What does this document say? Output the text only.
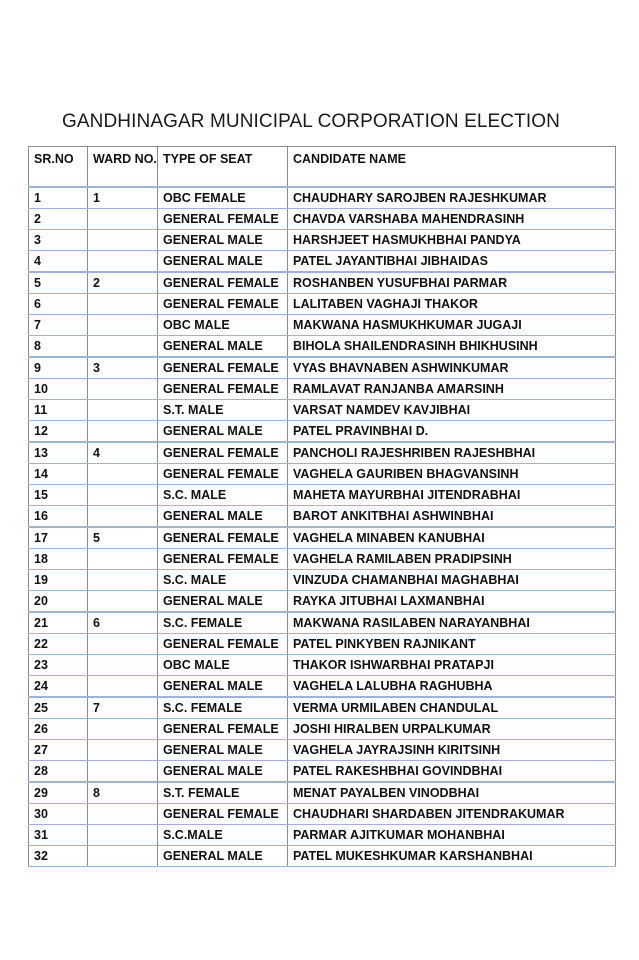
GANDHINAGAR MUNICIPAL CORPORATION ELECTION
SR.NO	WARD NO.	TYPE OF SEAT	CANDIDATE NAME
1	1	OBC FEMALE	CHAUDHARY SAROJBEN RAJESHKUMAR
2		GENERAL FEMALE	CHAVDA VARSHABA MAHENDRASINH
3		GENERAL MALE	HARSHJEET HASMUKHBHAI PANDYA
4		GENERAL MALE	PATEL JAYANTIBHAI JIBHAIDAS
5	2	GENERAL FEMALE	ROSHANBEN YUSUFBHAI PARMAR
6		GENERAL FEMALE	LALITABEN VAGHAJI THAKOR
7		OBC MALE	MAKWANA HASMUKHKUMAR JUGAJI
8		GENERAL MALE	BIHOLA SHAILENDRASINH BHIKHUSINH
9	3	GENERAL FEMALE	VYAS BHAVNABEN ASHWINKUMAR
10		GENERAL FEMALE	RAMLAVAT RANJANBA AMARSINH
11		S.T. MALE	VARSAT NAMDEV KAVJIBHAI
12		GENERAL MALE	PATEL PRAVINBHAI D.
13	4	GENERAL FEMALE	PANCHOLI RAJESHRIBEN RAJESHBHAI
14		GENERAL FEMALE	VAGHELA GAURIBEN BHAGVANSINH
15		S.C. MALE	MAHETA MAYURBHAI JITENDRABHAI
16		GENERAL MALE	BAROT ANKITBHAI ASHWINBHAI
17	5	GENERAL FEMALE	VAGHELA MINABEN KANUBHAI
18		GENERAL FEMALE	VAGHELA RAMILABEN PRADIPSINH
19		S.C. MALE	VINZUDA CHAMANBHAI MAGHABHAI
20		GENERAL MALE	RAYKA JITUBHAI LAXMANBHAI
21	6	S.C. FEMALE	MAKWANA RASILABEN NARAYANBHAI
22		GENERAL FEMALE	PATEL PINKYBEN RAJNIKANT
23		OBC MALE	THAKOR ISHWARBHAI PRATAPJI
24		GENERAL MALE	VAGHELA LALUBHA RAGHUBHA
25	7	S.C. FEMALE	VERMA URMILABEN CHANDULAL
26		GENERAL FEMALE	JOSHI HIRALBEN URPALKUMAR
27		GENERAL MALE	VAGHELA JAYRAJSINH KIRITSINH
28		GENERAL MALE	PATEL RAKESHBHAI GOVINDBHAI
29	8	S.T. FEMALE	MENAT PAYALBEN VINODBHAI
30		GENERAL FEMALE	CHAUDHARI SHARDABEN JITENDRAKUMAR
31		S.C.MALE	PARMAR AJITKUMAR MOHANBHAI
32		GENERAL MALE	PATEL MUKESHKUMAR KARSHANBHAI
